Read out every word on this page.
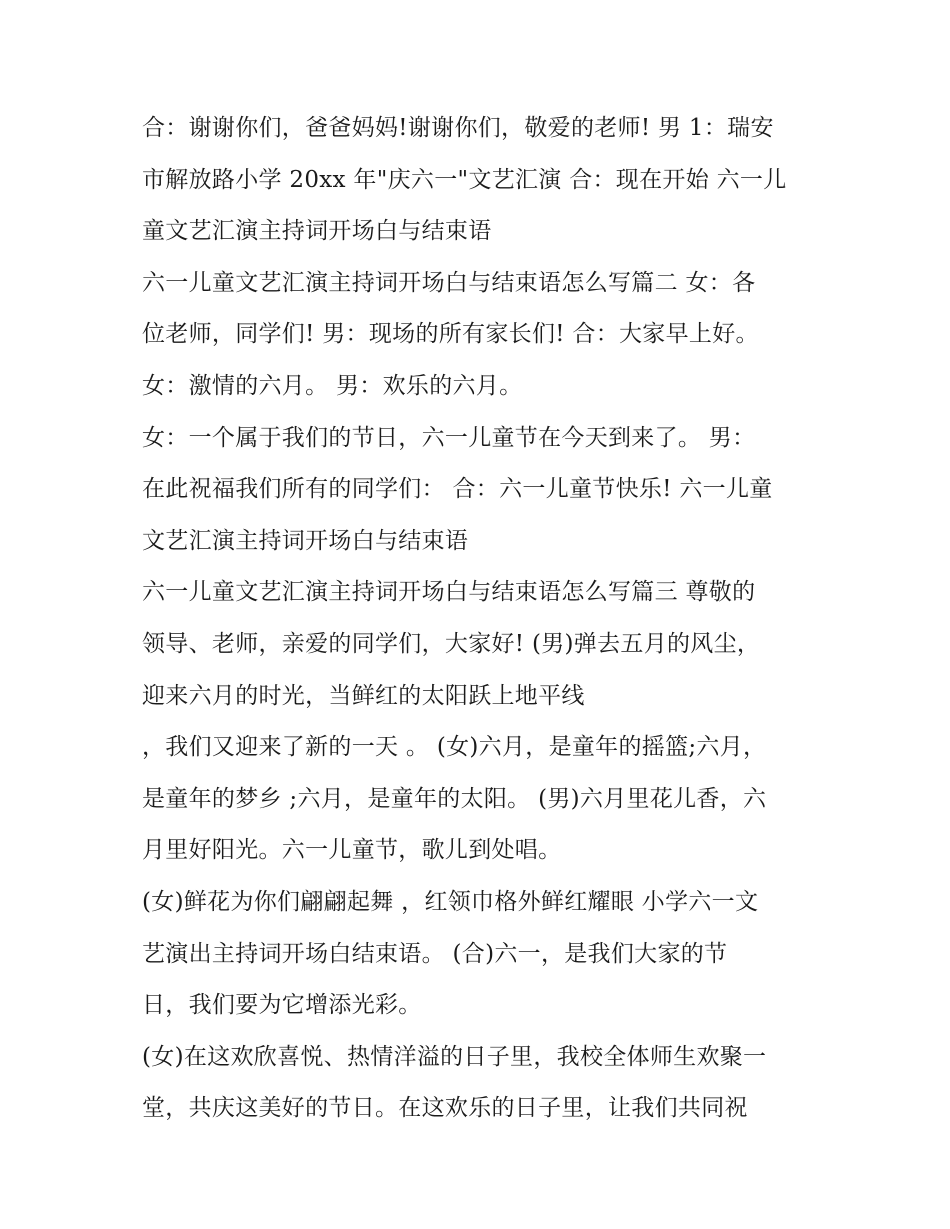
合：谢谢你们，爸爸妈妈!谢谢你们，敬爱的老师! 男 1：瑞安
市解放路小学 20xx 年"庆六一"文艺汇演 合：现在开始 六一儿
童文艺汇演主持词开场白与结束语
六一儿童文艺汇演主持词开场白与结束语怎么写篇二 女：各
位老师，同学们! 男：现场的所有家长们! 合：大家早上好。
女：激情的六月。 男：欢乐的六月。
女：一个属于我们的节日，六一儿童节在今天到来了。 男：
在此祝福我们所有的同学们： 合：六一儿童节快乐! 六一儿童
文艺汇演主持词开场白与结束语
六一儿童文艺汇演主持词开场白与结束语怎么写篇三 尊敬的
领导、老师，亲爱的同学们，大家好! (男)弹去五月的风尘，
迎来六月的时光，当鲜红的太阳跃上地平线
，我们又迎来了新的一天 。 (女)六月，是童年的摇篮;六月，
是童年的梦乡 ;六月，是童年的太阳。 (男)六月里花儿香，六
月里好阳光。六一儿童节，歌儿到处唱。
(女)鲜花为你们翩翩起舞 ，红领巾格外鲜红耀眼 小学六一文
艺演出主持词开场白结束语。 (合)六一，是我们大家的节
日，我们要为它增添光彩。
(女)在这欢欣喜悦、热情洋溢的日子里，我校全体师生欢聚一
堂，共庆这美好的节日。在这欢乐的日子里，让我们共同祝
